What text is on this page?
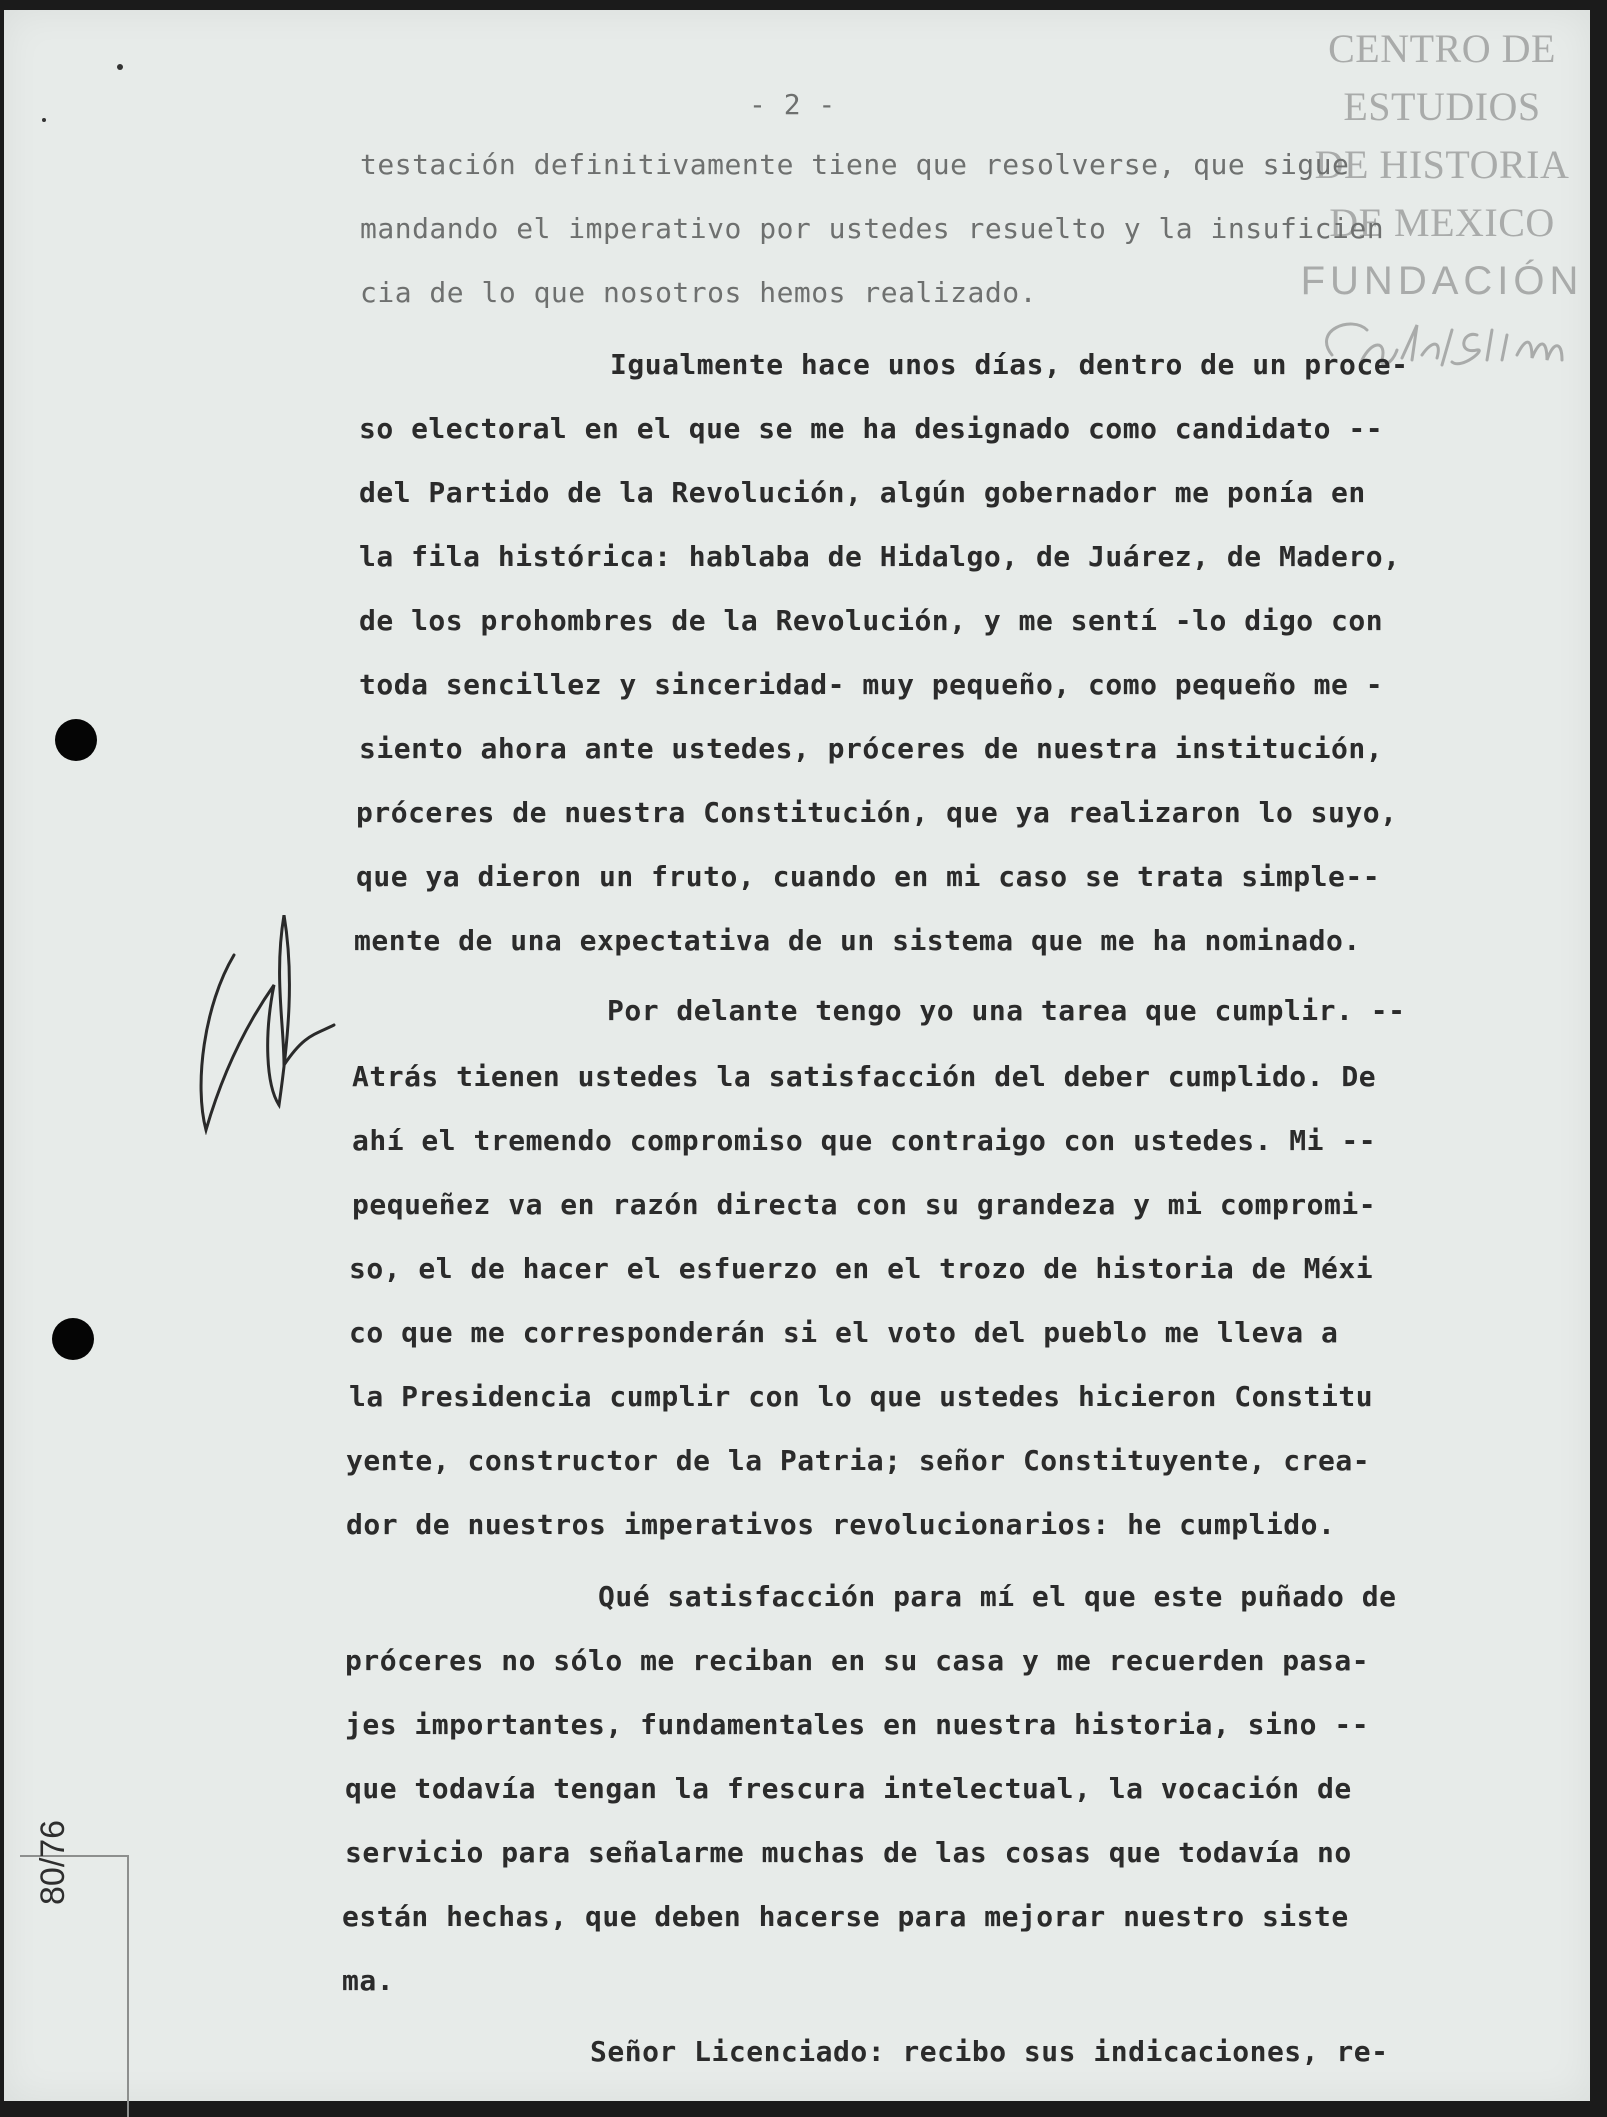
CENTRO DE
ESTUDIOS
DE HISTORIA
DE MEXICO
FUNDACIÓN
- 2 -
testación definitivamente tiene que resolverse, que sigue
mandando el imperativo por ustedes resuelto y la insuficien
cia de lo que nosotros hemos realizado.
Igualmente hace unos días, dentro de un proce-
so electoral en el que se me ha designado como candidato --
del Partido de la Revolución, algún gobernador me ponía en
la fila histórica: hablaba de Hidalgo, de Juárez, de Madero,
de los prohombres de la Revolución, y me sentí -lo digo con
toda sencillez y sinceridad- muy pequeño, como pequeño me -
siento ahora ante ustedes, próceres de nuestra institución,
próceres de nuestra Constitución, que ya realizaron lo suyo,
que ya dieron un fruto, cuando en mi caso se trata simple--
mente de una expectativa de un sistema que me ha nominado.
Por delante tengo yo una tarea que cumplir. --
Atrás tienen ustedes la satisfacción del deber cumplido. De
ahí el tremendo compromiso que contraigo con ustedes. Mi --
pequeñez va en razón directa con su grandeza y mi compromi-
so, el de hacer el esfuerzo en el trozo de historia de Méxi
co que me corresponderán si el voto del pueblo me lleva a
la Presidencia cumplir con lo que ustedes hicieron Constitu
yente, constructor de la Patria; señor Constituyente, crea-
dor de nuestros imperativos revolucionarios: he cumplido.
Qué satisfacción para mí el que este puñado de
próceres no sólo me reciban en su casa y me recuerden pasa-
jes importantes, fundamentales en nuestra historia, sino --
que todavía tengan la frescura intelectual, la vocación de
servicio para señalarme muchas de las cosas que todavía no
están hechas, que deben hacerse para mejorar nuestro siste
ma.
Señor Licenciado: recibo sus indicaciones, re-
80/76
